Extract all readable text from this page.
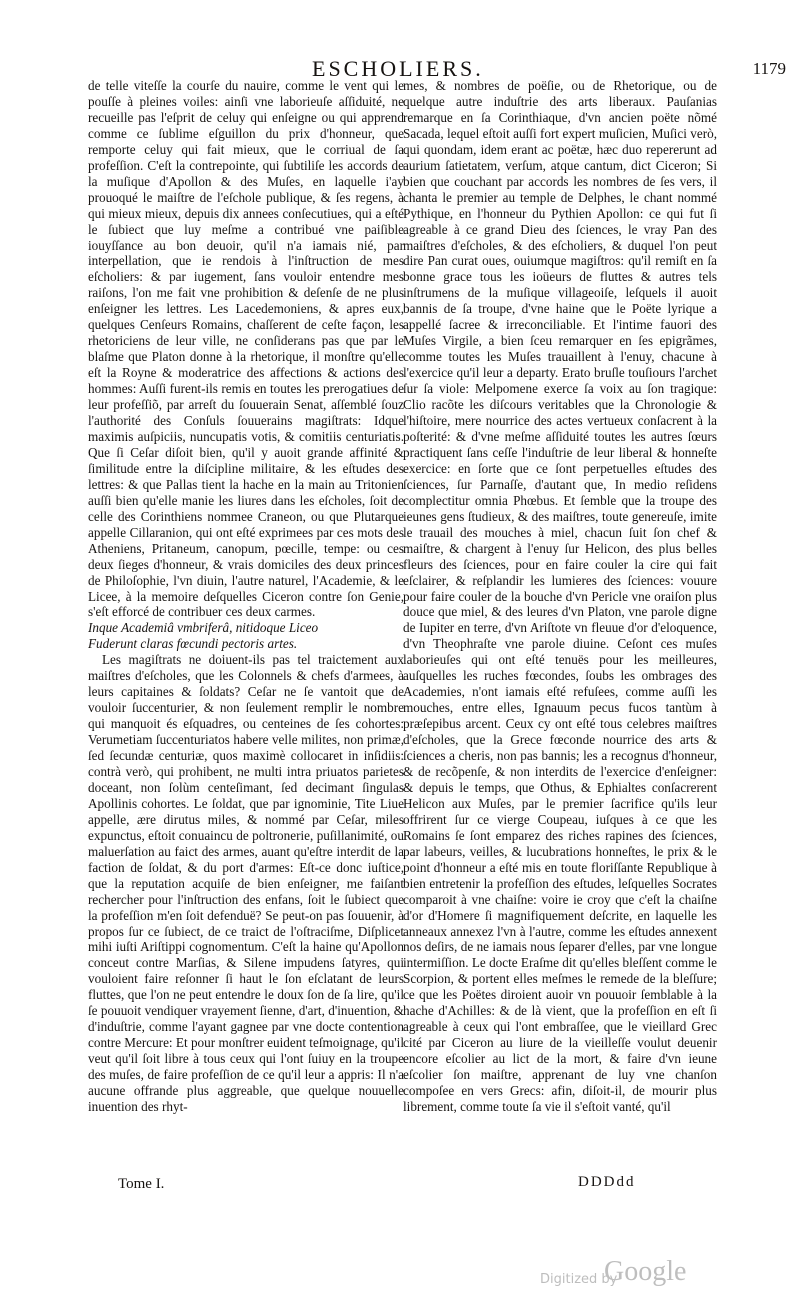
ESCHOLIERS.	1179

de telle viteſſe la courſe du nauire, comme le vent qui le pouſſe à pleines voiles: ainſi vne laborieuſe aſſiduité, ne recueille pas l'eſprit de celuy qui enſeigne ou qui apprend comme ce ſublime eſguillon du prix d'honneur, que remporte celuy qui fait mieux, que le corriual de ſa profeſſion. C'eſt la contrepointe, qui ſubtiliſe les accords de la muſique d'Apollon & des Muſes, en laquelle i'ay prouoqué le maiſtre de l'eſchole publique, & ſes regens, à qui mieux mieux, depuis dix annees conſecutiues, qui a eſté le ſubiect que luy meſme a contribué vne paiſible iouyſſance au bon deuoir, qu'il n'a iamais nié, par interpellation, que ie rendois à l'inſtruction de mes eſcholiers: & par iugement, ſans vouloir entendre mes raiſons, l'on me fait vne prohibition & deſenſe de ne plus enſeigner les lettres. Les Lacedemoniens, & apres eux, quelques Cenſeurs Romains, chaſſerent de ceſte façon, les rhetoriciens de leur ville, ne conſiderans pas que par le blaſme que Platon donne à la rhetorique, il monſtre qu'elle eſt la Royne & moderatrice des affections & actions des hommes: Auſſi furent-ils remis en toutes les prerogatiues de leur profeſſiõ, par arreſt du ſouuerain Senat, aſſemblé ſouz l'authorité des Conſuls ſouuerains magiſtrats: Idque maximis auſpiciis, nuncupatis votis, & comitiis centuriatis. Que ſi Ceſar diſoit bien, qu'il y auoit grande affinité & ſimilitude entre la diſcipline militaire, & les eſtudes des lettres: & que Pallas tient la hache en la main au Tritonien auſſi bien qu'elle manie les liures dans les eſcholes, ſoit de celle des Corinthiens nommee Craneon, ou que Plutarque appelle Cillaranion, qui ont eſté exprimees par ces mots des Atheniens, Pritaneum, canopum, pœcille, tempe: ou ces deux ſieges d'honneur, & vrais domiciles des deux princes de Philoſophie, l'vn diuin, l'autre naturel, l'Academie, & le Licee, à la memoire deſquelles Ciceron contre ſon Genie, s'eſt efforcé de contribuer ces deux carmes.

Inque Academiâ vmbriferâ, nitidoque Liceo

Fuderunt claras fœcundi pectoris artes.

Les magiſtrats ne doiuent-ils pas tel traictement aux maiſtres d'eſcholes, que les Colonnels & chefs d'armees, à leurs capitaines & ſoldats? Ceſar ne ſe vantoit que de vouloir ſuccenturier, & non ſeulement remplir le nombre qui manquoit és eſquadres, ou centeines de ſes cohortes: Verumetiam ſuccenturiatos habere velle milites, non primæ, ſed ſecundæ centuriæ, quos maximè collocaret in inſidiis: contrà verò, qui prohibent, ne multi intra priuatos parietes doceant, non ſolùm centeſimant, ſed decimant ſingulas Apollinis cohortes. Le ſoldat, que par ignominie, Tite Liue appelle, ære dirutus miles, & nommé par Ceſar, miles expunctus, eſtoit conuaincu de poltronerie, puſillanimité, ou maluerſation au faict des armes, auant qu'eſtre interdit de la faction de ſoldat, & du port d'armes: Eſt-ce donc iuſtice, que la reputation acquiſe de bien enſeigner, me faiſant rechercher pour l'inſtruction des enfans, ſoit le ſubiect que la profeſſion m'en ſoit defenduë? Se peut-on pas ſouuenir, à propos ſur ce ſubiect, de ce traict de l'oſtraciſme, Diſplicet mihi iuſti Ariſtippi cognomentum. C'eſt la haine qu'Apollon conceut contre Marſias, & Silene impudens ſatyres, qui vouloient faire reſonner ſi haut le ſon eſclatant de leurs fluttes, que l'on ne peut entendre le doux ſon de ſa lire, qu'il ſe pouuoit vendiquer vrayement ſienne, d'art, d'inuention, & d'induſtrie, comme l'ayant gagnee par vne docte contention contre Mercure: Et pour monſtrer euident teſmoignage, qu'il veut qu'il ſoit libre à tous ceux qui l'ont ſuiuy en la troupe des muſes, de faire profeſſion de ce qu'il leur a appris: Il n'a aucune offrande plus aggreable, que quelque nouuelle inuention des rhyt-

mes, & nombres de poëſie, ou de Rhetorique, ou de quelque autre induſtrie des arts liberaux. Pauſanias remarque en ſa Corinthiaque, d'vn ancien poëte nõmé Sacada, lequel eſtoit auſſi fort expert muſicien, Muſici verò, qui quondam, idem erant ac poëtæ, hæc duo repererunt ad aurium ſatietatem, verſum, atque cantum, dict Ciceron; Si bien que couchant par accords les nombres de ſes vers, il chanta le premier au temple de Delphes, le chant nommé Pythique, en l'honneur du Pythien Apollon: ce qui fut ſi agreable à ce grand Dieu des ſciences, le vray Pan des maiſtres d'eſcholes, & des eſcholiers, & duquel l'on peut dire Pan curat oues, ouiumque magiſtros: qu'il remiſt en ſa bonne grace tous les ioüeurs de fluttes & autres tels inſtrumens de la muſique villageoiſe, leſquels il auoit bannis de ſa troupe, d'vne haine que le Poëte lyrique a appellé ſacree & irreconciliable. Et l'intime fauori des Muſes Virgile, a bien ſceu remarquer en ſes epigrãmes, comme toutes les Muſes trauaillent à l'enuy, chacune à l'exercice qu'il leur a departy. Erato bruſle touſiours l'archet ſur ſa viole: Melpomene exerce ſa voix au ſon tragique: Clio racõte les diſcours veritables que la Chronologie & l'hiſtoire, mere nourrice des actes vertueux conſacrent à la poſterité: & d'vne meſme aſſiduité toutes les autres ſœurs practiquent ſans ceſſe l'induſtrie de leur liberal & honneſte exercice: en ſorte que ce ſont perpetuelles eſtudes des ſciences, ſur Parnaſſe, d'autant que, In medio reſidens complectitur omnia Phœbus. Et ſemble que la troupe des ieunes gens ſtudieux, & des maiſtres, toute genereuſe, imite le trauail des mouches à miel, chacun ſuit ſon chef & maiſtre, & chargent à l'enuy ſur Helicon, des plus belles fleurs des ſciences, pour en faire couler la cire qui fait eſclairer, & reſplandir les lumieres des ſciences: vouure pour faire couler de la bouche d'vn Pericle vne oraiſon plus douce que miel, & des leures d'vn Platon, vne parole digne de Iupiter en terre, d'vn Ariſtote vn fleuue d'or d'eloquence, d'vn Theophraſte vne parole diuine. Ceſont ces muſes laborieuſes qui ont eſté tenuës pour les meilleures, auſquelles les ruches fœcondes, ſoubs les ombrages des Academies, n'ont iamais eſté refuſees, comme auſſi les mouches, entre elles, Ignauum pecus fucos tantùm à præſepibus arcent. Ceux cy ont eſté tous celebres maiſtres d'eſcholes, que la Grece fœconde nourrice des arts & ſciences a cheris, non pas bannis; les a recognus d'honneur, & de recõpenſe, & non interdits de l'exercice d'enſeigner: & depuis le temps, que Othus, & Ephialtes conſacrerent Helicon aux Muſes, par le premier ſacrifice qu'ils leur offrirent ſur ce vierge Coupeau, iuſques à ce que les Romains ſe ſont emparez des riches rapines des ſciences, par labeurs, veilles, & lucubrations honneſtes, le prix & le point d'honneur a eſté mis en toute floriſſante Republique à bien entretenir la profeſſion des eſtudes, leſquelles Socrates comparoit à vne chaiſne: voire ie croy que c'eſt la chaiſne d'or d'Homere ſi magnifiquement deſcrite, en laquelle les anneaux annexez l'vn à l'autre, comme les eſtudes annexent nos deſirs, de ne iamais nous ſeparer d'elles, par vne longue intermiſſion. Le docte Eraſme dit qu'elles bleſſent comme le Scorpion, & portent elles meſmes le remede de la bleſſure; ce que les Poëtes diroient auoir vn pouuoir ſemblable à la hache d'Achilles: & de là vient, que la profeſſion en eſt ſi agreable à ceux qui l'ont embraſſee, que le vieillard Grec cité par Ciceron au liure de la vieilleſſe voulut deuenir encore eſcolier au lict de la mort, & faire d'vn ieune eſcolier ſon maiſtre, apprenant de luy vne chanſon compoſee en vers Grecs: afin, diſoit-il, de mourir plus librement, comme toute ſa vie il s'eſtoit vanté, qu'il

Tome I.	DDDdd
Digitized by
Google
